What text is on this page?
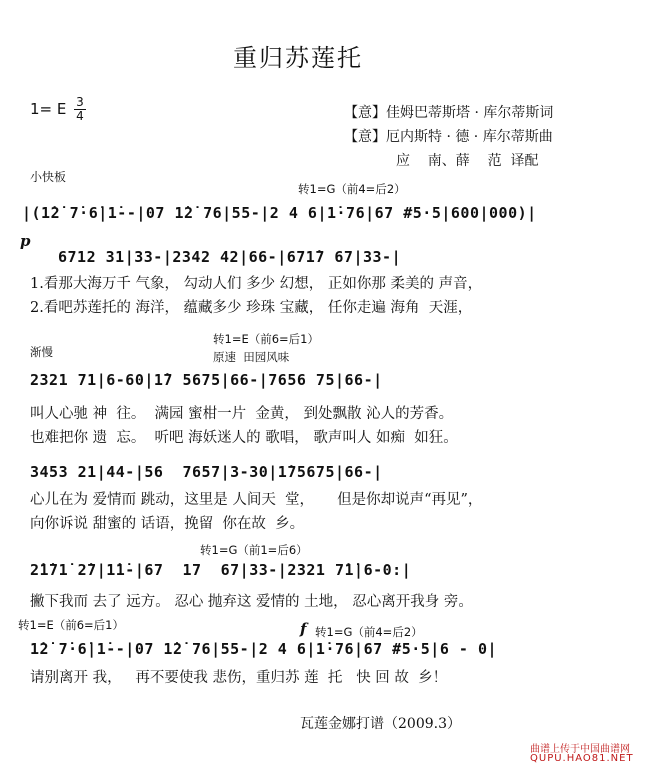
重归苏莲托
1= E 3
4	【意】佳姆巴蒂斯塔 · 库尔蒂斯词
【意】厄内斯特 · 德 · 库尔蒂斯曲
应    南、薛    范  译配
小快板
转1=G（前4=后2）
|(1̇2̇ 7̇·6̇|1̇--|07 1̇2̇ 76|55-|2 4 6|1̇·76|67 #5·5|600|000)|
p
6712 31|33-|2342 42|66-|671̇7 67|33-|
1.看那大海万千 气象， 勾动人们 多少 幻想， 正如你那 柔美的 声音，
2.看吧苏莲托的 海洋， 蕴藏多少 珍珠 宝藏， 任你走遍 海角  天涯，
转1=E（前6=后1）
渐慢	原速  田园风味
2321 71|6-60|1̇7 5675|66-|7656 75|66-|
叫人心驰 神  往。  满园 蜜柑一片  金黄， 到处飘散 沁人的芳香。
也难把你 遗  忘。  听吧 海妖迷人的 歌唱， 歌声叫人 如痴  如狂。
3453 21|44-|56  7657|3-30|1̇75675|66-|
心儿在为 爱情而 跳动，这里是 人间天  堂，     但是你却说声“再见”，
向你诉说 甜蜜的 话语，挽留  你在故  乡。
转1=G（前1=后6）
2̇1̇71̇ 2̇7|1̇1̇-|67  17  67|33-|2321 7̇1̇|6-0:|
撇下我而 去了 远方。 忍心 抛弃这 爱情的 土地， 忍心离开我身 旁。
转1=E（前6=后1）	f 转1=G（前4=后2）
1̇2̇ 7̇·6̇|1̇--|07 1̇2̇ 76|55-|2 4 6|1̇·76|67 #5·5|6 - 0|
请别离开 我，   再不要使我 悲伤，重归苏 莲  托   快 回 故  乡！
瓦莲金娜打谱（2009.3）
曲谱上传于中国曲谱网
QUPU.HAO81.NET
